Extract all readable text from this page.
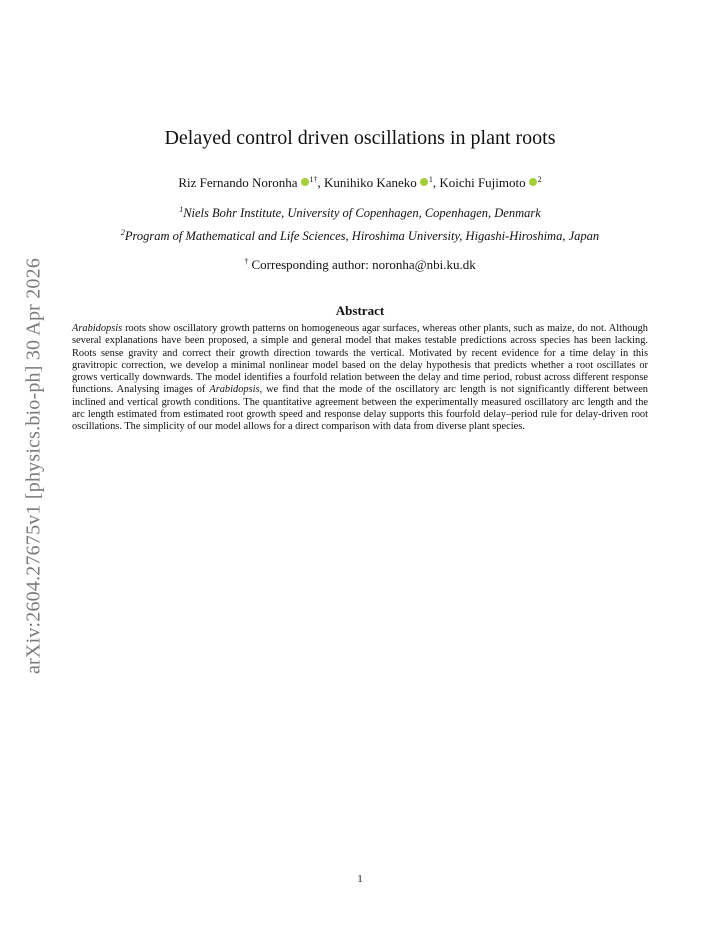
arXiv:2604.27675v1 [physics.bio-ph] 30 Apr 2026
Delayed control driven oscillations in plant roots
Riz Fernando Noronha $^{1\dagger}$, Kunihiko Kaneko $^1$, Koichi Fujimoto $^2$
$^1$Niels Bohr Institute, University of Copenhagen, Copenhagen, Denmark
$^2$Program of Mathematical and Life Sciences, Hiroshima University, Higashi-Hiroshima, Japan
† Corresponding author: noronha@nbi.ku.dk
Abstract
Arabidopsis roots show oscillatory growth patterns on homogeneous agar surfaces, whereas other plants, such as maize, do not. Although several explanations have been proposed, a simple and general model that makes testable predictions across species has been lacking. Roots sense gravity and correct their growth direction towards the vertical. Motivated by recent evidence for a time delay in this gravitropic correction, we develop a minimal nonlinear model based on the delay hypothesis that predicts whether a root oscillates or grows vertically downwards. The model identifies a fourfold relation between the delay and time period, robust across different response functions. Analysing images of Arabidopsis, we find that the mode of the oscillatory arc length is not significantly different between inclined and vertical growth conditions. The quantitative agreement between the experimentally measured oscillatory arc length and the arc length estimated from estimated root growth speed and response delay supports this fourfold delay–period rule for delay-driven root oscillations. The simplicity of our model allows for a direct comparison with data from diverse plant species.
1
